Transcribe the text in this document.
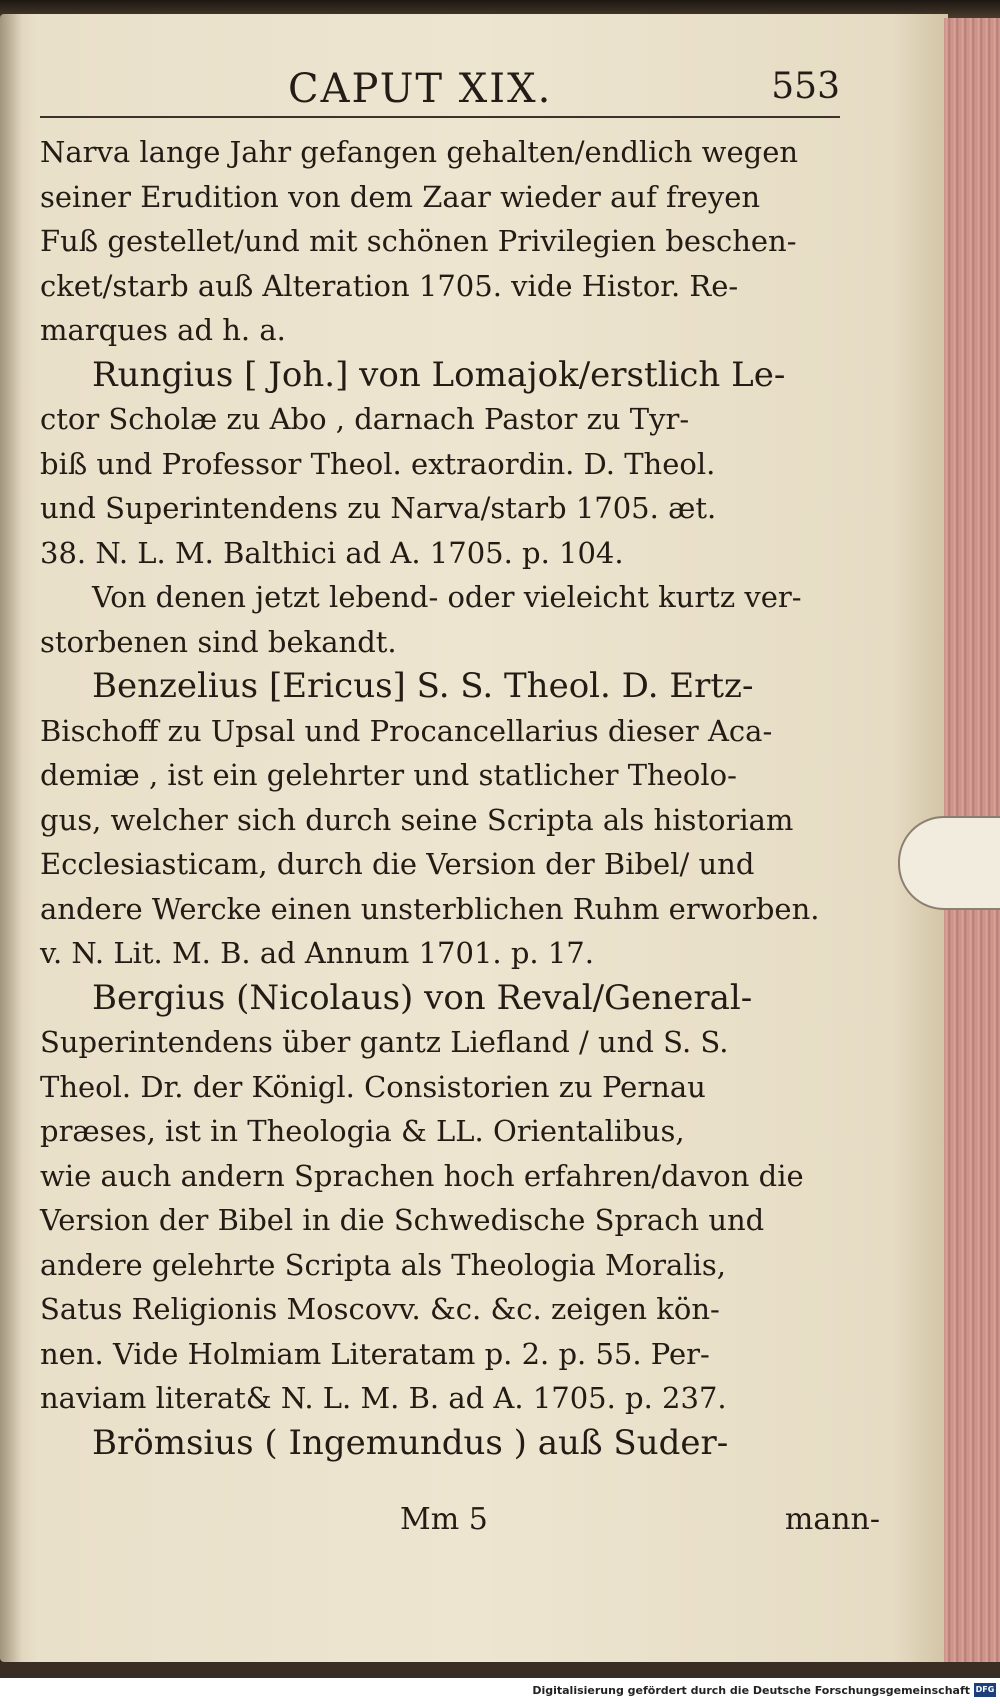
CAPUT XIX.	553
Narva lange Jahr gefangen gehalten/endlich wegen
seiner Erudition von dem Zaar wieder auf freyen
Fuß gestellet/und mit schönen Privilegien beschen-
cket/starb auß Alteration 1705. vide Histor. Re-
marques ad h. a.
Rungius [ Joh.] von Lomajok/erstlich Le-
ctor Scholæ zu Abo , darnach Pastor zu Tyr-
biß und Professor Theol. extraordin. D. Theol.
und Superintendens zu Narva/starb 1705. æt.
38. N. L. M. Balthici ad A. 1705. p. 104.
Von denen jetzt lebend- oder vieleicht kurtz ver-
storbenen sind bekandt.
Benzelius [Ericus] S. S. Theol. D. Ertz-
Bischoff zu Upsal und Procancellarius dieser Aca-
demiæ , ist ein gelehrter und statlicher Theolo-
gus, welcher sich durch seine Scripta als historiam
Ecclesiasticam, durch die Version der Bibel/ und
andere Wercke einen unsterblichen Ruhm erworben.
v. N. Lit. M. B. ad Annum 1701. p. 17.
Bergius (Nicolaus) von Reval/General-
Superintendens über gantz Liefland / und S. S.
Theol. Dr. der Königl. Consistorien zu Pernau
præses, ist in Theologia & LL. Orientalibus,
wie auch andern Sprachen hoch erfahren/davon die
Version der Bibel in die Schwedische Sprach und
andere gelehrte Scripta als Theologia Moralis,
Satus Religionis Moscovv. &c. &c. zeigen kön-
nen. Vide Holmiam Literatam p. 2. p. 55. Per-
naviam literat& N. L. M. B. ad A. 1705. p. 237.
Brömsius ( Ingemundus ) auß Suder-
Mm 5	mann-
Digitalisierung gefördert durch die Deutsche Forschungsgemeinschaft DFG
